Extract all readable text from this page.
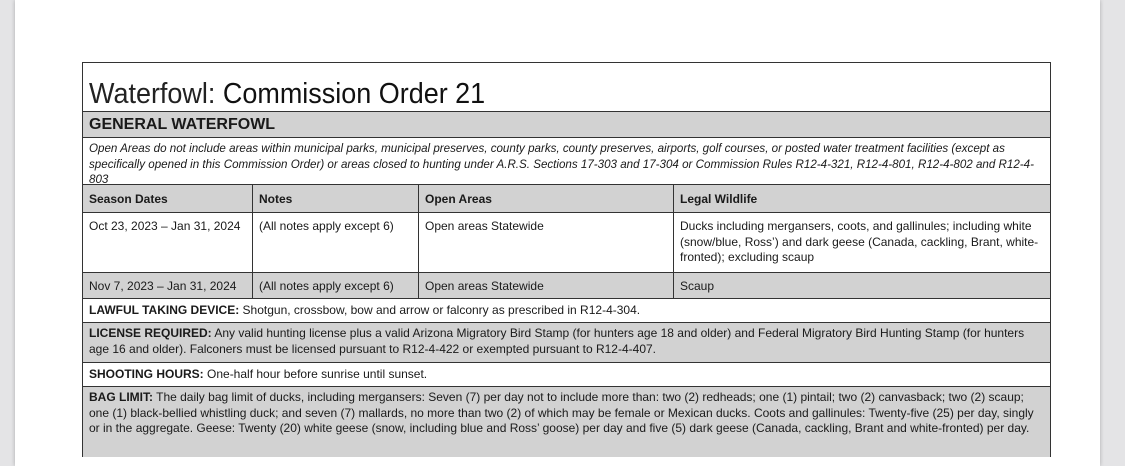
Waterfowl: Commission Order 21
GENERAL WATERFOWL
Open Areas do not include areas within municipal parks, municipal preserves, county parks, county preserves, airports, golf courses, or posted water treatment facilities (except as specifically opened in this Commission Order) or areas closed to hunting under A.R.S. Sections 17-303 and 17-304 or Commission Rules R12-4-321, R12-4-801, R12-4-802 and R12-4-803
Season Dates	Notes	Open Areas	Legal Wildlife
Oct 23, 2023 – Jan 31, 2024	(All notes apply except 6)	Open areas Statewide	Ducks including mergansers, coots, and gallinules; including white (snow/blue, Ross’) and dark geese (Canada, cackling, Brant, white-fronted); excluding scaup
Nov 7, 2023 – Jan 31, 2024	(All notes apply except 6)	Open areas Statewide	Scaup
LAWFUL TAKING DEVICE: Shotgun, crossbow, bow and arrow or falconry as prescribed in R12-4-304.
LICENSE REQUIRED: Any valid hunting license plus a valid Arizona Migratory Bird Stamp (for hunters age 18 and older) and Federal Migratory Bird Hunting Stamp (for hunters age 16 and older). Falconers must be licensed pursuant to R12-4-422 or exempted pursuant to R12-4-407.
SHOOTING HOURS: One-half hour before sunrise until sunset.
BAG LIMIT: The daily bag limit of ducks, including mergansers: Seven (7) per day not to include more than: two (2) redheads; one (1) pintail; two (2) canvasback; two (2) scaup; one (1) black-bellied whistling duck; and seven (7) mallards, no more than two (2) of which may be female or Mexican ducks. Coots and gallinules: Twenty-five (25) per day, singly or in the aggregate. Geese: Twenty (20) white geese (snow, including blue and Ross’ goose) per day and five (5) dark geese (Canada, cackling, Brant and white-fronted) per day.
